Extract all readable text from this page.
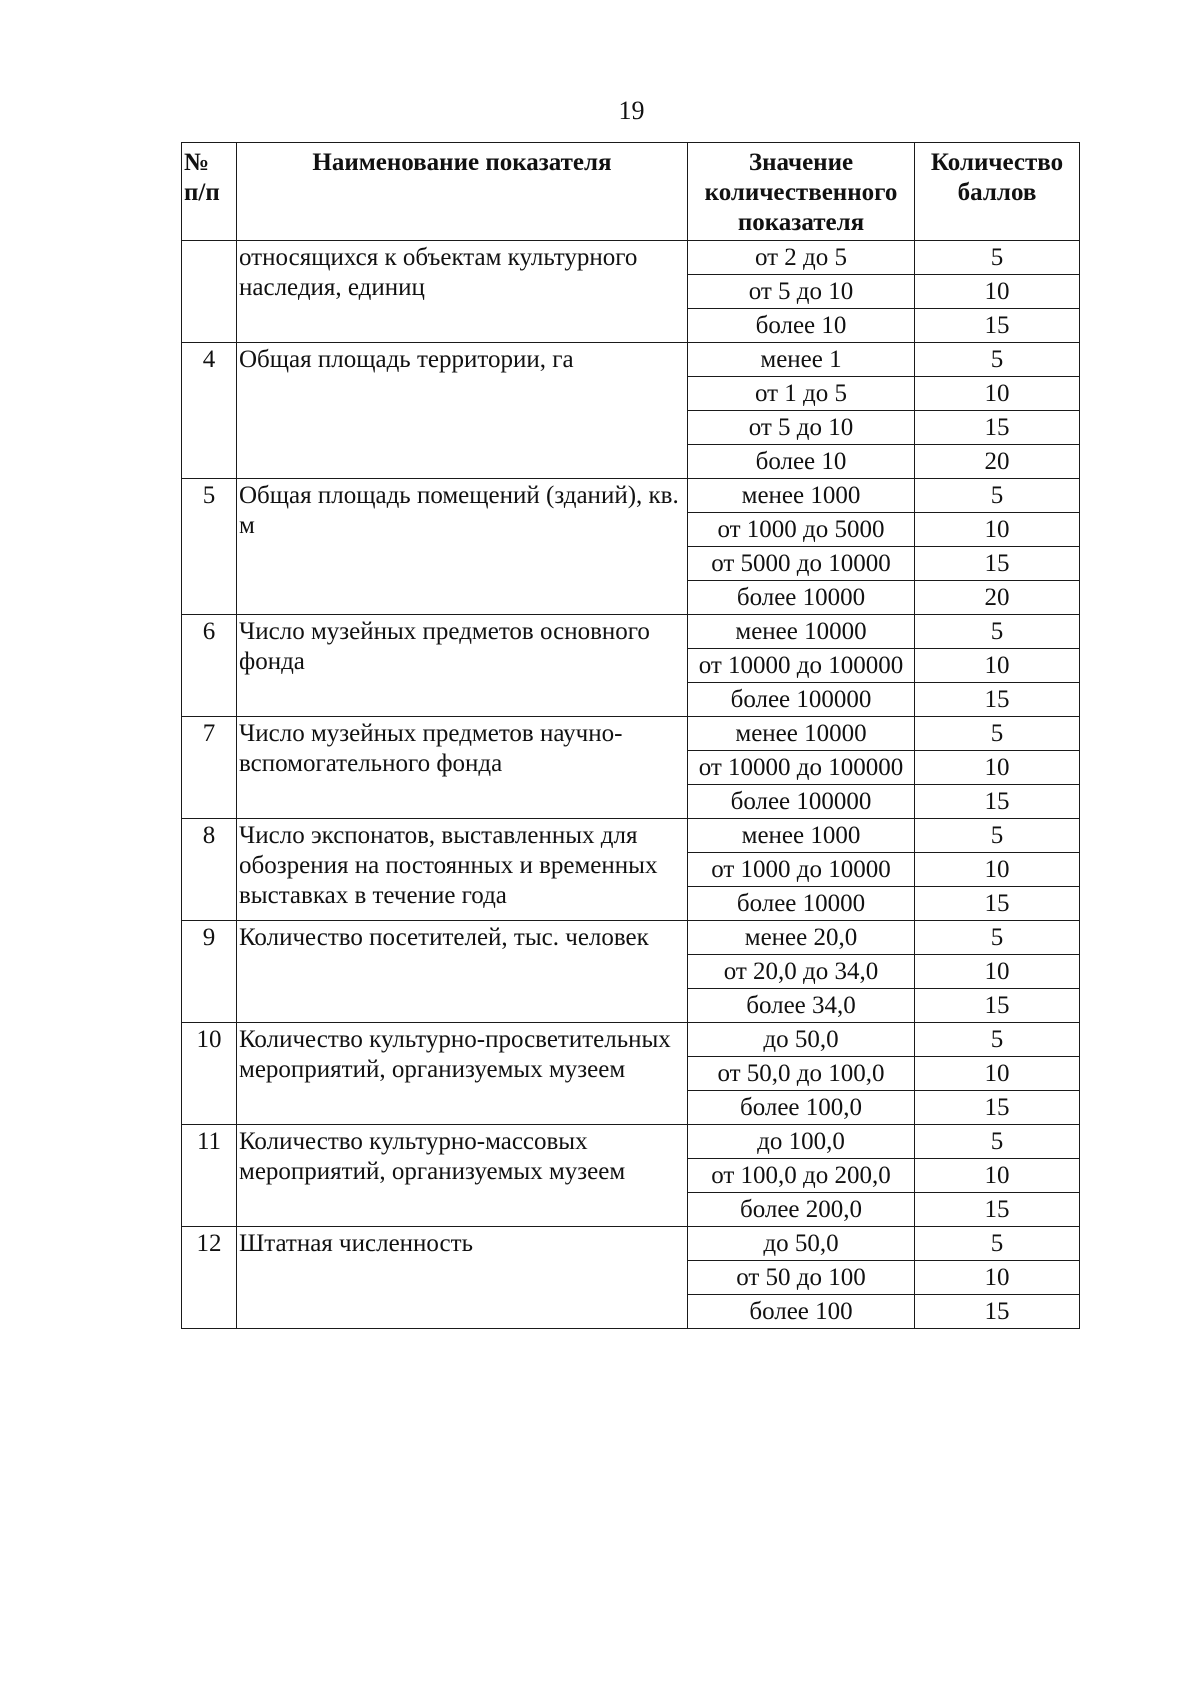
19
№ п/п	Наименование показателя	Значение количественного показателя	Количество баллов
	относящихся к объектам культурного наследия, единиц	от 2 до 5	5
		от 5 до 10	10
		более 10	15
4	Общая площадь территории, га	менее 1	5
		от 1 до 5	10
		от 5 до 10	15
		более 10	20
5	Общая площадь помещений (зданий), кв. м	менее 1000	5
		от 1000 до 5000	10
		от 5000 до 10000	15
		более 10000	20
6	Число музейных предметов основного фонда	менее 10000	5
		от 10000 до 100000	10
		более 100000	15
7	Число музейных предметов научно-вспомогательного фонда	менее 10000	5
		от 10000 до 100000	10
		более 100000	15
8	Число экспонатов, выставленных для обозрения на постоянных и временных выставках в течение года	менее 1000	5
		от 1000 до 10000	10
		более 10000	15
9	Количество посетителей, тыс. человек	менее 20,0	5
		от 20,0 до 34,0	10
		более 34,0	15
10	Количество культурно-просветительных мероприятий, организуемых музеем	до 50,0	5
		от 50,0 до 100,0	10
		более 100,0	15
11	Количество культурно-массовых мероприятий, организуемых музеем	до 100,0	5
		от 100,0 до 200,0	10
		более 200,0	15
12	Штатная численность	до 50,0	5
		от 50 до 100	10
		более 100	15
